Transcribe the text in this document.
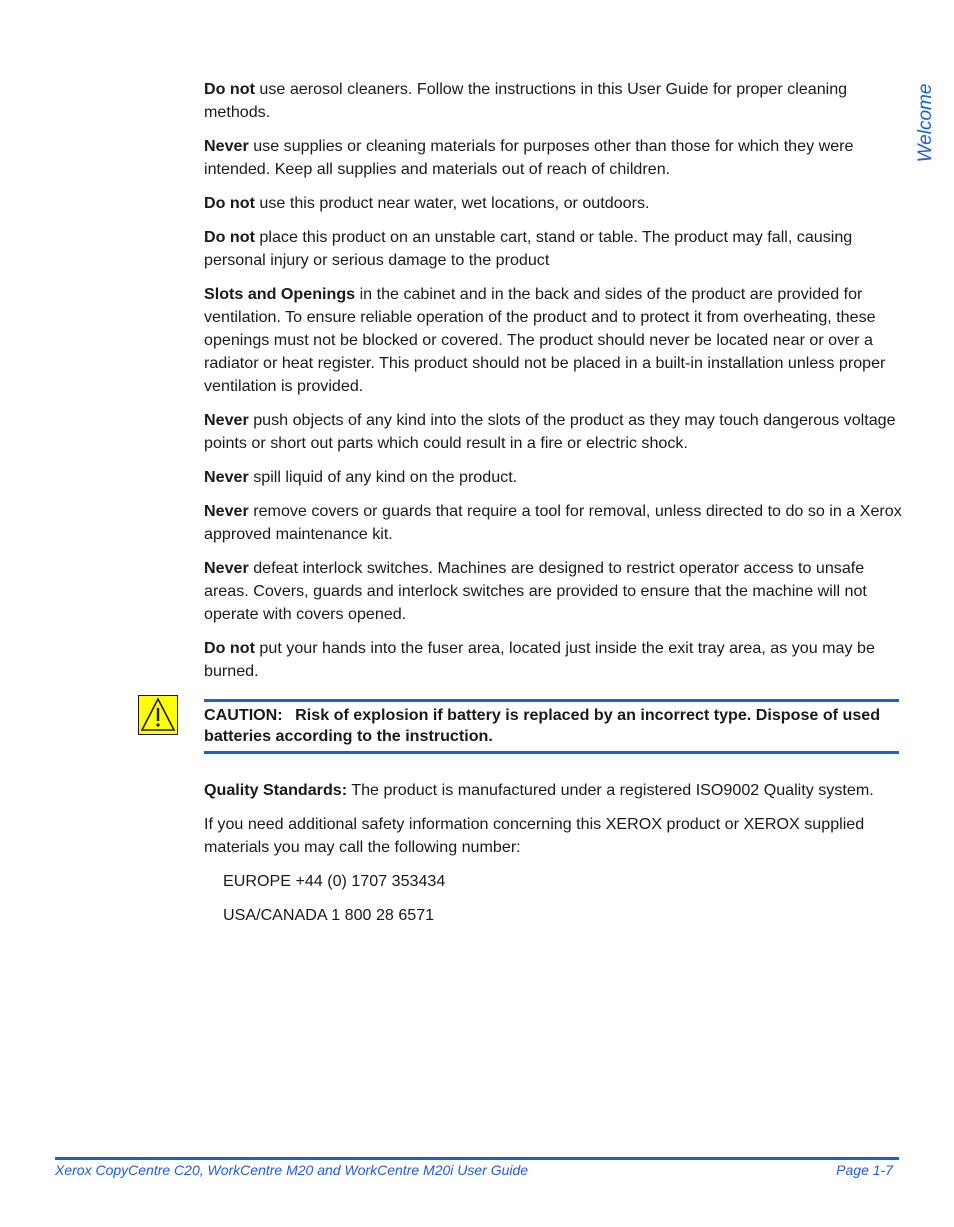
Welcome

Do not use aerosol cleaners. Follow the instructions in this User Guide for proper cleaning methods.

Never use supplies or cleaning materials for purposes other than those for which they were intended. Keep all supplies and materials out of reach of children.

Do not use this product near water, wet locations, or outdoors.

Do not place this product on an unstable cart, stand or table. The product may fall, causing personal injury or serious damage to the product

Slots and Openings in the cabinet and in the back and sides of the product are provided for ventilation. To ensure reliable operation of the product and to protect it from overheating, these openings must not be blocked or covered. The product should never be located near or over a radiator or heat register. This product should not be placed in a built-in installation unless proper ventilation is provided.

Never push objects of any kind into the slots of the product as they may touch dangerous voltage points or short out parts which could result in a fire or electric shock.

Never spill liquid of any kind on the product.

Never remove covers or guards that require a tool for removal, unless directed to do so in a Xerox approved maintenance kit.

Never defeat interlock switches. Machines are designed to restrict operator access to unsafe areas. Covers, guards and interlock switches are provided to ensure that the machine will not operate with covers opened.

Do not put your hands into the fuser area, located just inside the exit tray area, as you may be burned.

CAUTION: Risk of explosion if battery is replaced by an incorrect type. Dispose of used batteries according to the instruction.

Quality Standards: The product is manufactured under a registered ISO9002 Quality system.

If you need additional safety information concerning this XEROX product or XEROX supplied materials you may call the following number:

EUROPE +44 (0) 1707 353434

USA/CANADA 1 800 28 6571

Xerox CopyCentre C20, WorkCentre M20 and WorkCentre M20i User Guide	Page 1-7
